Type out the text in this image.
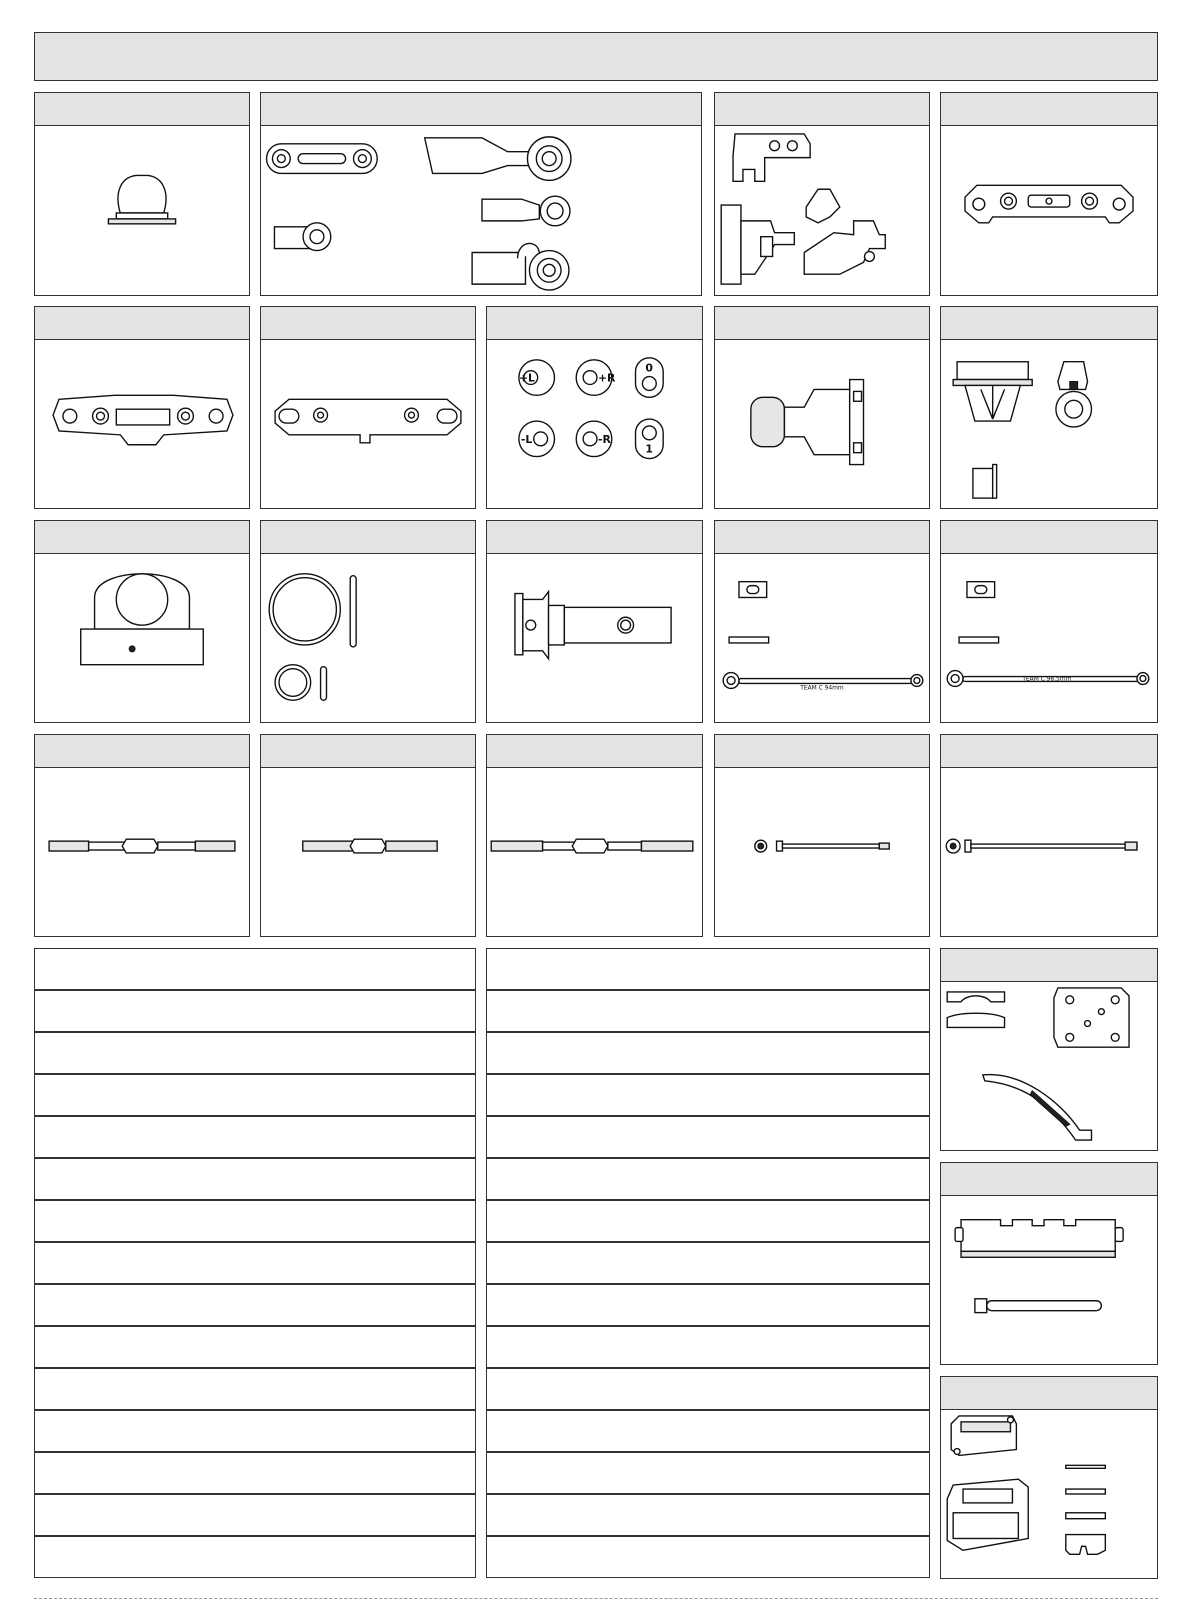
+L	+R
0
-L	-R
1
TEAM C 94mm
TEAM C 98.5mm
